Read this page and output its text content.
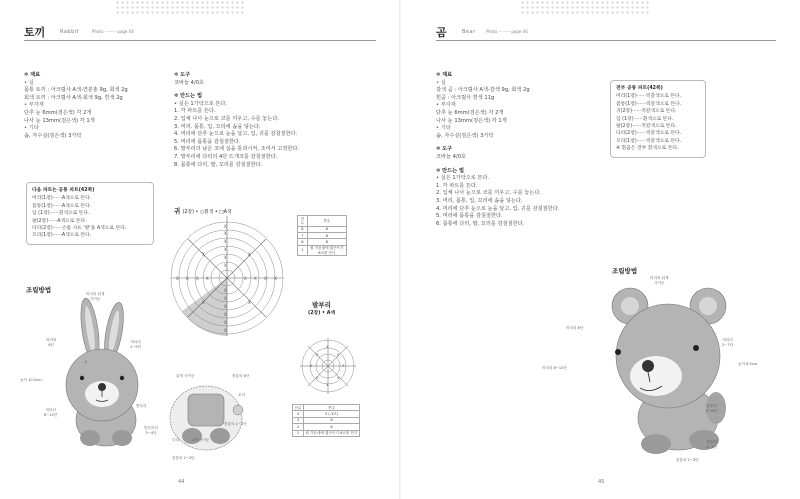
토끼	Rabbit	Photo ········· page 04
✲ 재료
• 실
몸통 토끼 : 아크릴사 A색-연분홍 9g, 회색 2g
회색 토끼 : 아크릴사 A색-회색 9g, 흰색 2g
• 부자재
단추 눈 6mm(검은색) 각 2개
나사 눈 13mm(검은색) 각 1개
• 기타
솜, 자수실(검은색) 3가닥
다음 파트는 공통 파트(42쪽)
머리(1장)······A색으로 뜬다.
몸통(1장)······A색으로 뜬다.
입 (1장)······흰색으로 뜬다.
팔(2장)······A색으로 뜬다.
다리(2장)······손톱 사뜨 '발'을 A색으로 뜬다.
꼬리(1장)······A색으로 뜬다.
✲ 도구
코바늘 4/0호
✲ 만드는 법
• 실은 1가닥으로 뜬다.
1. 각 파트를 뜬다.
2. 입체 나사 눈으로 코를 끼우고, 수를 놓는다.
3. 머리, 몸통, 입, 꼬리에 솜을 넣는다.
4. 머리에 단추 눈으로 눈을 달고, 입, 귀를 감침질한다.
5. 머리에 몸통을 감침질한다.
6. 발부리의 남은 코에 실을 통과시켜, 조여서 고정한다.
7. 발부리에 다리의 4단 뜨개코를 감침질한다.
8. 몸통에 다리, 팔, 꼬리를 감침질한다.
귀 (2장) • ○흰색 • □A색
X
X
X
X
X
X
X
X
X
X
X
X
X X X X	X X X X
X	X
X	X
단수	콧수
8	8
7	8
6	8
1	원 가운데에 짧은뜨기 6코를 뜬다
발부리
(2장) • A색
X
X
X	X
X	X
X	X
단수	콧수
4	3 (-3코)
3	6
2	6
1	원 가운데에 짧은뜨기 6코를 뜬다
조립방법	머리의 뒤게
사이둔
머리의
8단
머리의
1~9단
코
높이 10.5cm
머리의
8~12단
뒤게 사이둔	몸통의 6단
꼬리
발부리
발부리의
3~4단
다리	4개 사이둔
몸통의 1~3단
몸통의 2~3단
44
곰	Bear	Photo ········· page 06
✲ 재료
• 실
갈색 곰 : 아크릴사 A색-갈색 9g, 회색 2g
흰곰 : 아크릴사 흰색 11g
• 부자재
단추 눈 6mm(검은색) 각 2개
나사 눈 13mm(검은색) 각 1개
• 기타
솜, 자수실(검은색) 3가닥
✲ 도구
코바늘 4/0호
✲ 만드는 법
• 실은 1가닥으로 뜬다.
1. 각 파트를 뜬다.
2. 입체 나사 눈으로 코를 끼우고, 수를 놓는다.
3. 머리, 몸통, 입, 꼬리에 솜을 넣는다.
4. 머리에 단추 눈으로 눈을 달고, 입, 귀를 감침질한다.
5. 머리에 몸통을 감침질한다.
6. 몸통에 다리, 팔, 꼬리를 감침질한다.
전부 공통 파트(42쪽)
머리(1장)······적갈색으로 뜬다.
몸통(1장)······적갈색으로 뜬다.
귀(2장)······적갈색으로 뜬다.
입 (1장)······흰색으로 뜬다.
팔(2장)······적갈색으로 뜬다.
다리(2장)······적갈색으로 뜬다.
꼬리(1장)······적갈색으로 뜬다.
※ 흰곰은 전부 흰색으로 뜬다.
조립방법
머리의 뒤게
사이둔
머리의 8단
머리의
2~7단
높이 8.5cm
머리의 8~12단
몸통의
5~6단
몸통의
1~3단
몸통의 2~3단
45
